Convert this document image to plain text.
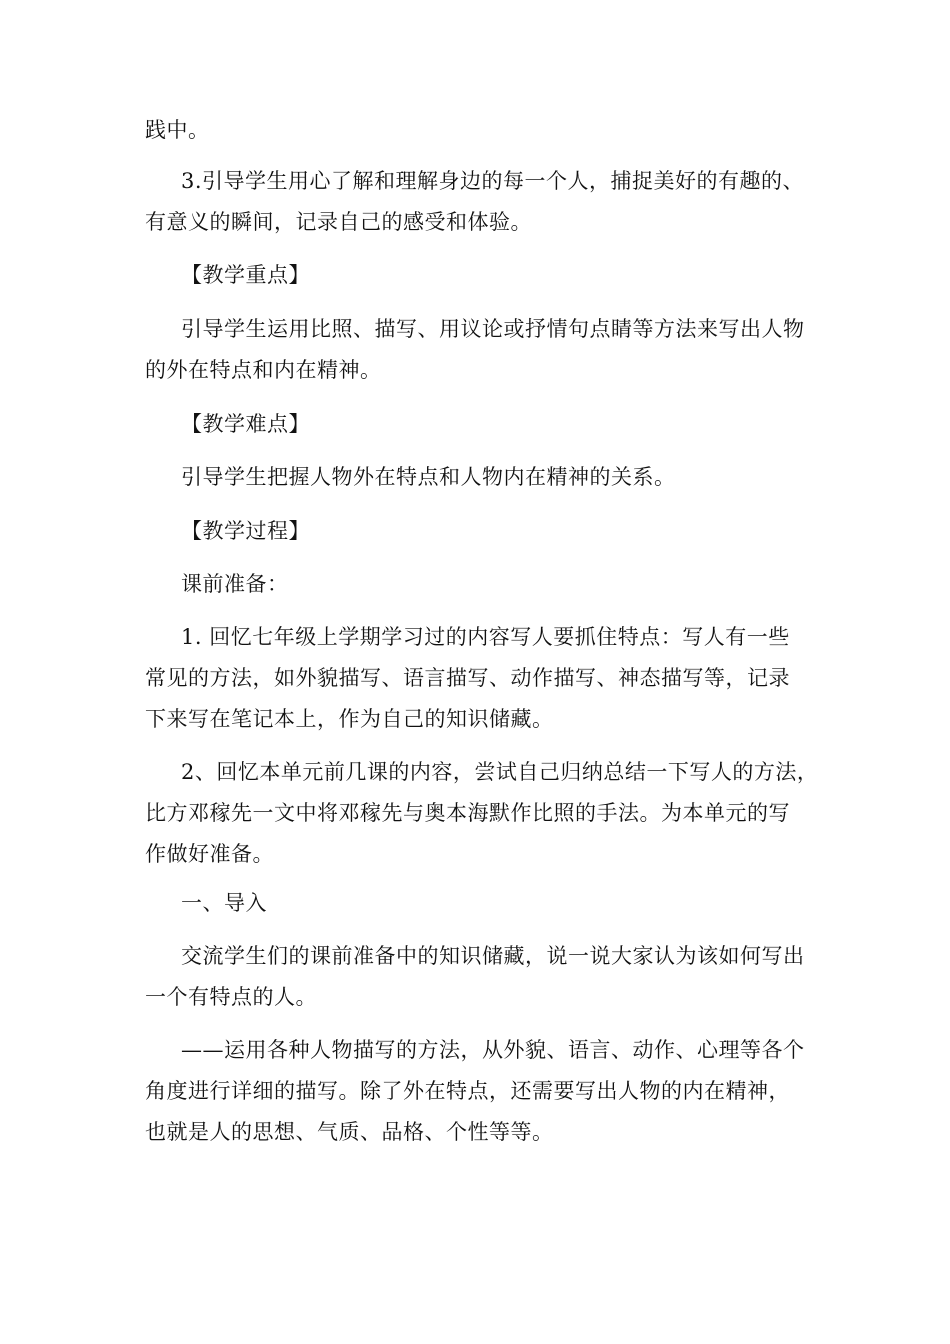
践中。

3.引导学生用心了解和理解身边的每一个人，捕捉美好的有趣的、
有意义的瞬间，记录自己的感受和体验。

【教学重点】

引导学生运用比照、描写、用议论或抒情句点睛等方法来写出人物
的外在特点和内在精神。

【教学难点】

引导学生把握人物外在特点和人物内在精神的关系。

【教学过程】

课前准备：

1. 回忆七年级上学期学习过的内容写人要抓住特点：写人有一些
常见的方法，如外貌描写、语言描写、动作描写、神态描写等，记录
下来写在笔记本上，作为自己的知识储藏。

2、回忆本单元前几课的内容，尝试自己归纳总结一下写人的方法，
比方邓稼先一文中将邓稼先与奥本海默作比照的手法。为本单元的写
作做好准备。

一、导入

交流学生们的课前准备中的知识储藏，说一说大家认为该如何写出
一个有特点的人。

——运用各种人物描写的方法，从外貌、语言、动作、心理等各个
角度进行详细的描写。除了外在特点，还需要写出人物的内在精神，
也就是人的思想、气质、品格、个性等等。
